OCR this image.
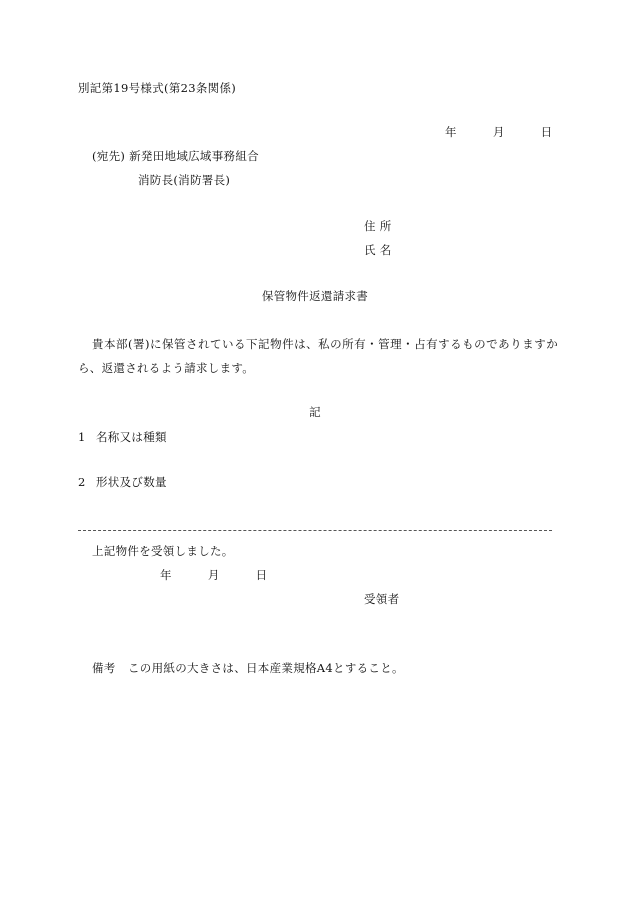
別記第19号様式(第23条関係)
年	月	日
(宛先) 新発田地域広域事務組合
消防長(消防署長)
住 所
氏 名
保管物件返還請求書
貴本部(署)に保管されている下記物件は、私の所有・管理・占有するものでありますから、返還されるよう請求します。
記
1 名称又は種類
2 形状及び数量
上記物件を受領しました。
年	月	日
受領者
備考 この用紙の大きさは、日本産業規格A4とすること。
